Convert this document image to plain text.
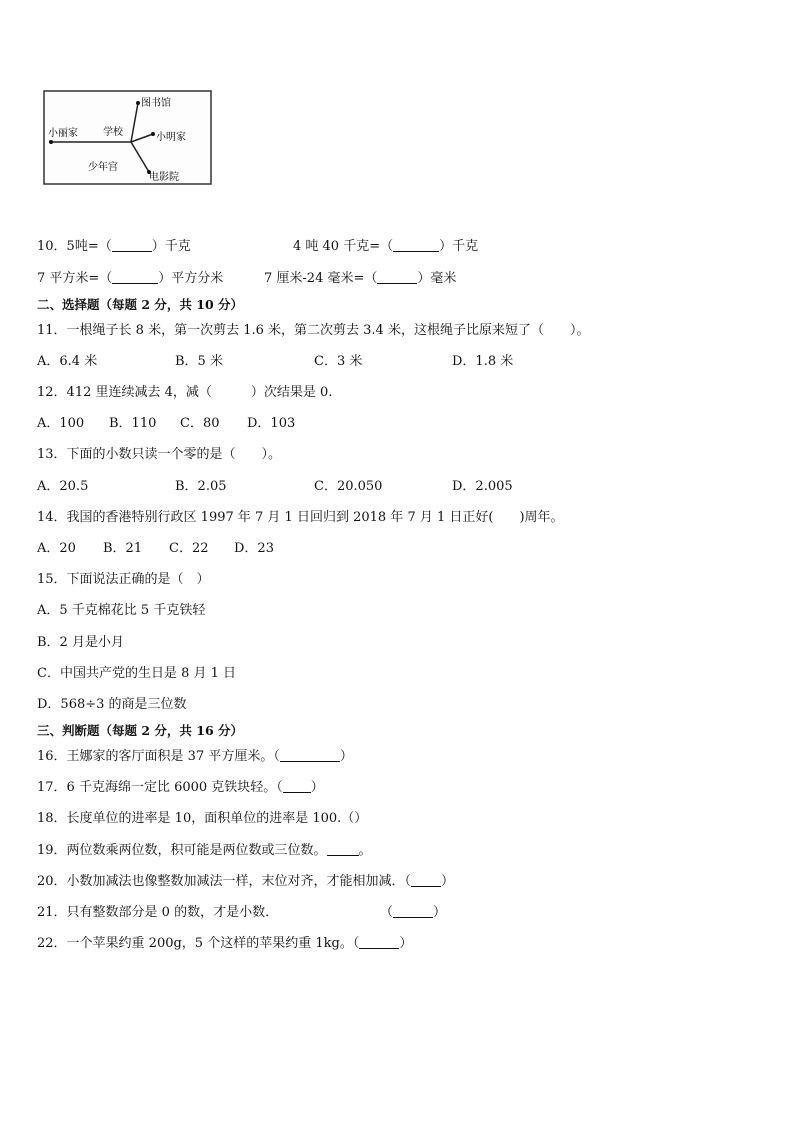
图书馆
小丽家	学校	小明家
少年宫
电影院
10．5吨=（	）千克	4 吨 40 千克=（	）千克
7 平方米=（	）平方分米	7 厘米-24 毫米=（	）毫米
二、选择题（每题 2 分，共 10 分）
11．一根绳子长 8 米，第一次剪去 1.6 米，第二次剪去 3.4 米，这根绳子比原来短了（　　）。
A．6.4 米	B．5 米	C．3 米	D．1.8 米
12．412 里连续减去 4，减（　　　）次结果是 0.
A．100 B．110 C．80 D．103
13．下面的小数只读一个零的是（　　）。
A．20.5	B．2.05	C．20.050	D．2.005
14．我国的香港特别行政区 1997 年 7 月 1 日回归到 2018 年 7 月 1 日正好(　　)周年。
A．20 B．21 C．22 D．23
15．下面说法正确的是（　）
A．5 千克棉花比 5 千克铁轻
B．2 月是小月
C．中国共产党的生日是 8 月 1 日
D．568÷3 的商是三位数
三、判断题（每题 2 分，共 16 分）
16．王娜家的客厅面积是 37 平方厘米。（	）
17．6 千克海绵一定比 6000 克铁块轻。（ ）
18．长度单位的进率是 10，面积单位的进率是 100.（）
19．两位数乘两位数，积可能是两位数或三位数。 。
20．小数加减法也像整数加减法一样，末位对齐，才能相加减．（ ）
21．只有整数部分是 0 的数，才是小数．	（	）
22．一个苹果约重 200g，5 个这样的苹果约重 1kg。（	）
